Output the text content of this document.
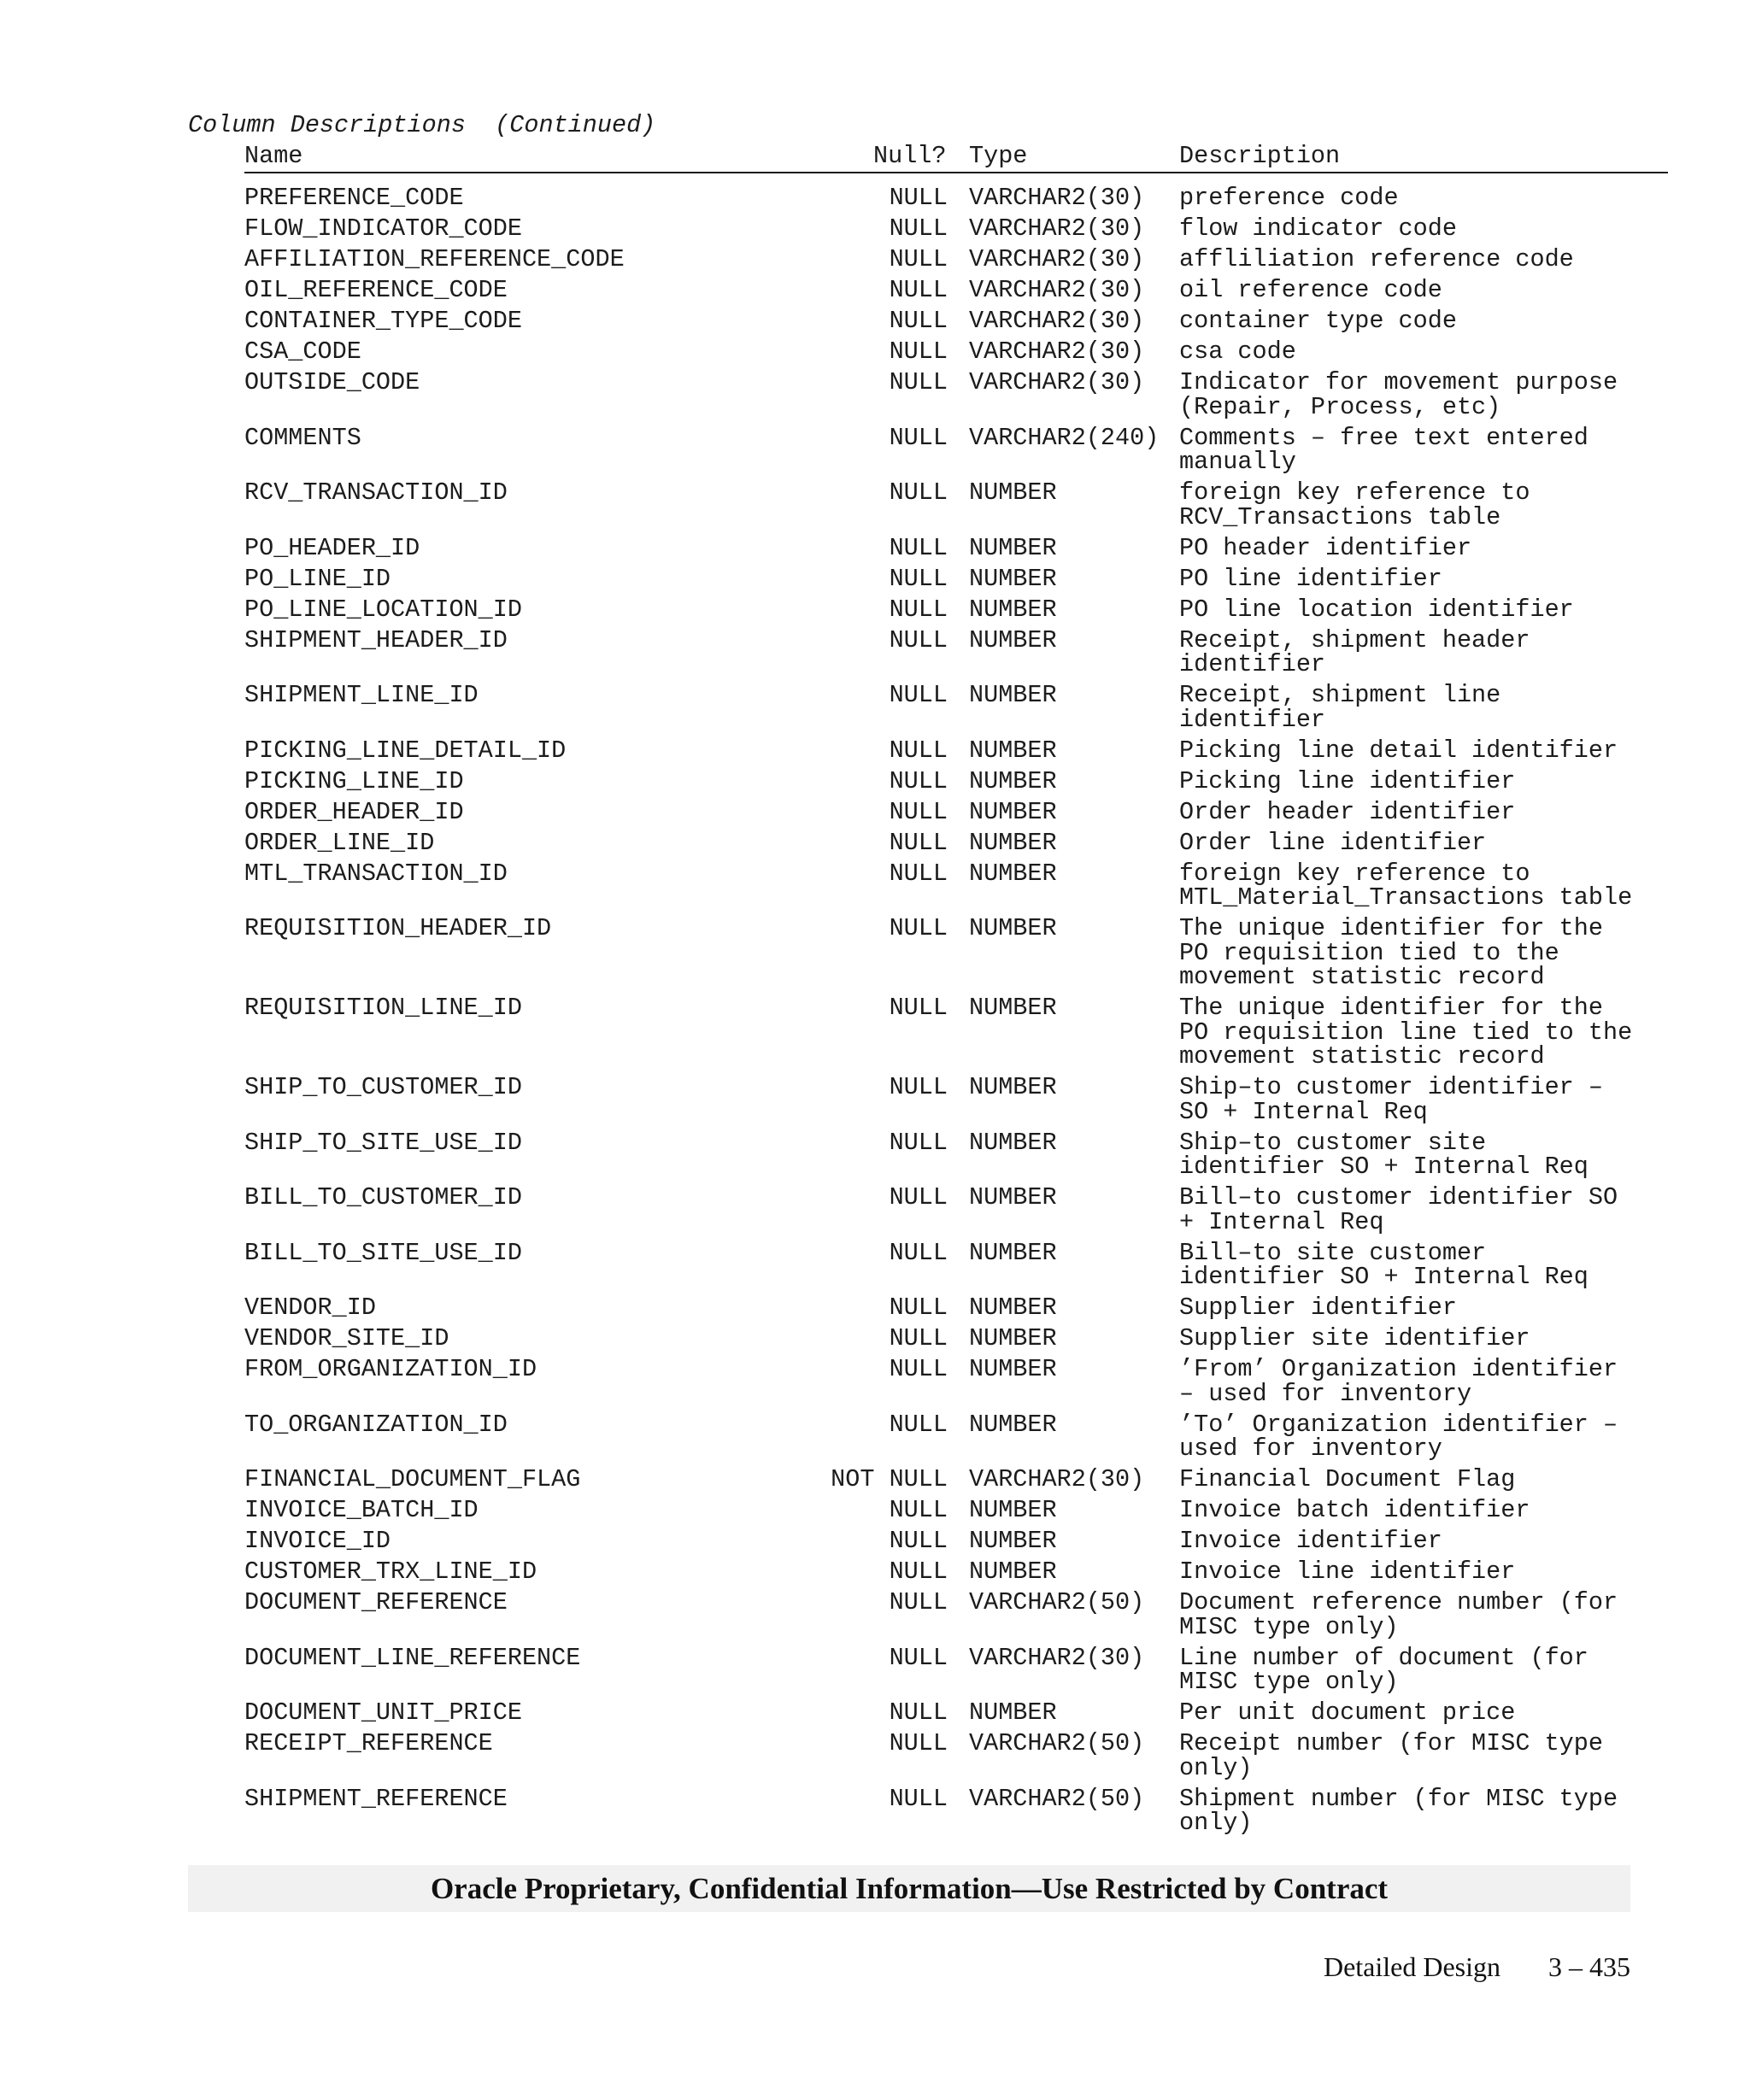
Column Descriptions  (Continued)
Name	Null? Type	Description
PREFERENCE_CODE	NULL VARCHAR2(30) preference code
FLOW_INDICATOR_CODE	NULL VARCHAR2(30) flow indicator code
AFFILIATION_REFERENCE_CODE	NULL VARCHAR2(30) affliliation reference code
OIL_REFERENCE_CODE	NULL VARCHAR2(30) oil reference code
CONTAINER_TYPE_CODE	NULL VARCHAR2(30) container type code
CSA_CODE	NULL VARCHAR2(30) csa code
OUTSIDE_CODE	NULL VARCHAR2(30) Indicator for movement purpose
(Repair, Process, etc)
COMMENTS	NULL VARCHAR2(240) Comments – free text entered
manually
RCV_TRANSACTION_ID	NULL NUMBER	foreign key reference to
RCV_Transactions table
PO_HEADER_ID	NULL NUMBER	PO header identifier
PO_LINE_ID	NULL NUMBER	PO line identifier
PO_LINE_LOCATION_ID	NULL NUMBER	PO line location identifier
SHIPMENT_HEADER_ID	NULL NUMBER	Receipt, shipment header
identifier
SHIPMENT_LINE_ID	NULL NUMBER	Receipt, shipment line
identifier
PICKING_LINE_DETAIL_ID	NULL NUMBER	Picking line detail identifier
PICKING_LINE_ID	NULL NUMBER	Picking line identifier
ORDER_HEADER_ID	NULL NUMBER	Order header identifier
ORDER_LINE_ID	NULL NUMBER	Order line identifier
MTL_TRANSACTION_ID	NULL NUMBER	foreign key reference to
MTL_Material_Transactions table
REQUISITION_HEADER_ID	NULL NUMBER	The unique identifier for the
PO requisition tied to the
movement statistic record
REQUISITION_LINE_ID	NULL NUMBER	The unique identifier for the
PO requisition line tied to the
movement statistic record
SHIP_TO_CUSTOMER_ID	NULL NUMBER	Ship–to customer identifier –
SO + Internal Req
SHIP_TO_SITE_USE_ID	NULL NUMBER	Ship–to customer site
identifier SO + Internal Req
BILL_TO_CUSTOMER_ID	NULL NUMBER	Bill–to customer identifier SO
+ Internal Req
BILL_TO_SITE_USE_ID	NULL NUMBER	Bill–to site customer
identifier SO + Internal Req
VENDOR_ID	NULL NUMBER	Supplier identifier
VENDOR_SITE_ID	NULL NUMBER	Supplier site identifier
FROM_ORGANIZATION_ID	NULL NUMBER	’From’ Organization identifier
– used for inventory
TO_ORGANIZATION_ID	NULL NUMBER	’To’ Organization identifier –
used for inventory
FINANCIAL_DOCUMENT_FLAG	NOT NULL VARCHAR2(30) Financial Document Flag
INVOICE_BATCH_ID	NULL NUMBER	Invoice batch identifier
INVOICE_ID	NULL NUMBER	Invoice identifier
CUSTOMER_TRX_LINE_ID	NULL NUMBER	Invoice line identifier
DOCUMENT_REFERENCE	NULL VARCHAR2(50) Document reference number (for
MISC type only)
DOCUMENT_LINE_REFERENCE	NULL VARCHAR2(30) Line number of document (for
MISC type only)
DOCUMENT_UNIT_PRICE	NULL NUMBER	Per unit document price
RECEIPT_REFERENCE	NULL VARCHAR2(50) Receipt number (for MISC type
only)
SHIPMENT_REFERENCE	NULL VARCHAR2(50) Shipment number (for MISC type
only)
Oracle Proprietary, Confidential Information––Use Restricted by Contract
Detailed Design 3 – 435
